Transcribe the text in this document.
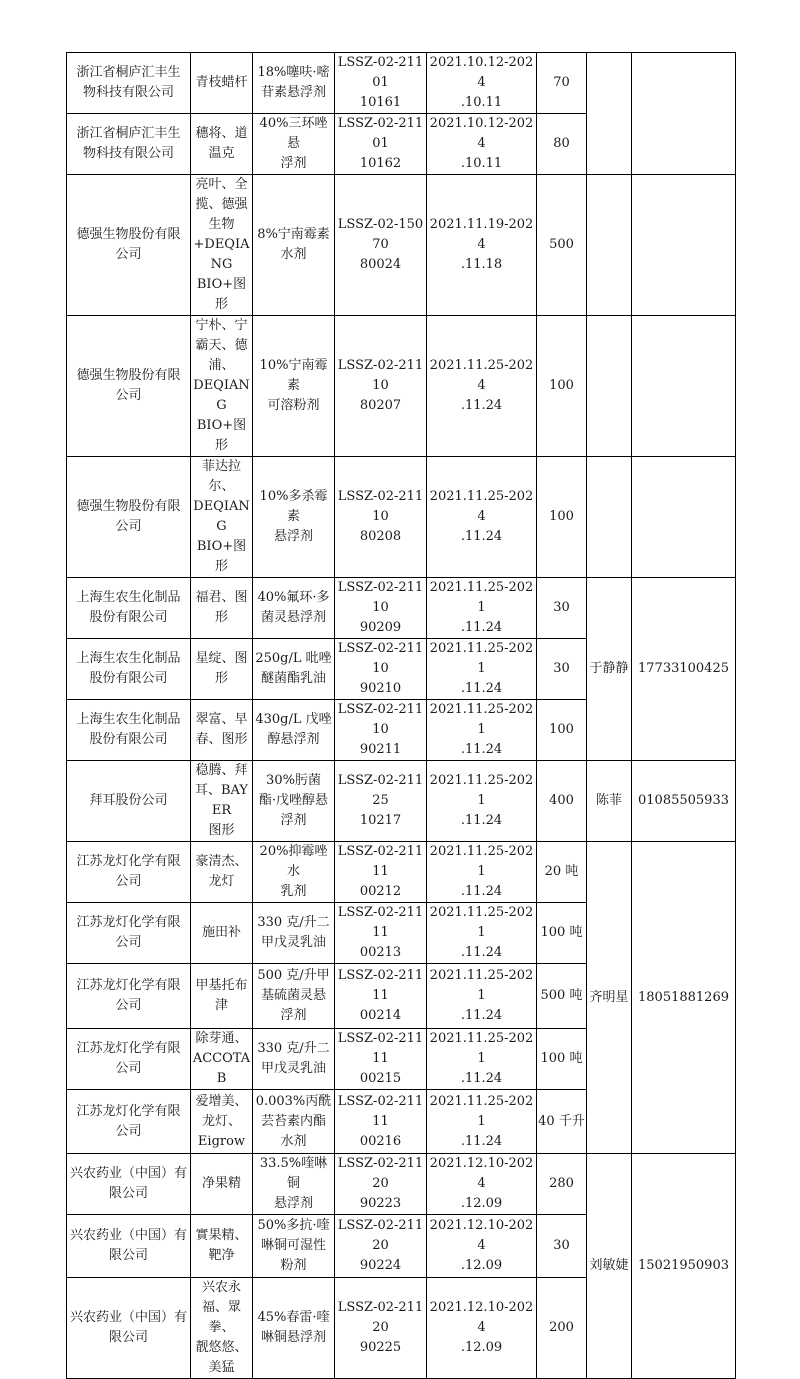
浙江省桐庐汇丰生
物科技有限公司	青枝蜡杆	18%噻呋·嘧
苷素悬浮剂	LSSZ-02-21101
10161	2021.10.12-2024
.10.11	70		

浙江省桐庐汇丰生
物科技有限公司	穗将、道
温克	40%三环唑悬
浮剂	LSSZ-02-21101
10162	2021.10.12-2024
.10.11	80		

德强生物股份有限
公司	亮叶、全
揽、德强
生物
+DEQIANG
BIO+图形	8%宁南霉素
水剂	LSSZ-02-15070
80024	2021.11.19-2024
.11.18	500		

德强生物股份有限
公司	宁朴、宁
霸天、德
浦、
DEQIANG
BIO+图形	10%宁南霉素
可溶粉剂	LSSZ-02-21110
80207	2021.11.25-2024
.11.24	100		

德强生物股份有限
公司	菲达拉
尔、
DEQIANG
BIO+图形	10%多杀霉素
悬浮剂	LSSZ-02-21110
80208	2021.11.25-2024
.11.24	100		

上海生农生化制品
股份有限公司	福君、图
形	40%氟环·多
菌灵悬浮剂	LSSZ-02-21110
90209	2021.11.25-2021
.11.24	30	于静静	17733100425

上海生农生化制品
股份有限公司	星绽、图
形	250g/L 吡唑
醚菌酯乳油	LSSZ-02-21110
90210	2021.11.25-2021
.11.24	30		

上海生农生化制品
股份有限公司	翠富、早
春、图形	430g/L 戊唑
醇悬浮剂	LSSZ-02-21110
90211	2021.11.25-2021
.11.24	100		

拜耳股份公司	稳腾、拜
耳、BAYER
图形	30%肟菌
酯·戊唑醇悬
浮剂	LSSZ-02-21125
10217	2021.11.25-2021
.11.24	400	陈菲	01085505933

江苏龙灯化学有限
公司	豪清杰、
龙灯	20%抑霉唑水
乳剂	LSSZ-02-21111
00212	2021.11.25-2021
.11.24	20 吨	齐明星	18051881269

江苏龙灯化学有限
公司	施田补	330 克/升二
甲戊灵乳油	LSSZ-02-21111
00213	2021.11.25-2021
.11.24	100 吨		

江苏龙灯化学有限
公司	甲基托布
津	500 克/升甲
基硫菌灵悬
浮剂	LSSZ-02-21111
00214	2021.11.25-2021
.11.24	500 吨		

江苏龙灯化学有限
公司	除芽通、
ACCOTAB	330 克/升二
甲戊灵乳油	LSSZ-02-21111
00215	2021.11.25-2021
.11.24	100 吨		

江苏龙灯化学有限
公司	爱增美、
龙灯、
Eigrow	0.003%丙酰
芸苔素内酯
水剂	LSSZ-02-21111
00216	2021.11.25-2021
.11.24	40 千升		

兴农药业（中国）有
限公司	净果精	33.5%喹啉铜
悬浮剂	LSSZ-02-21120
90223	2021.12.10-2024
.12.09	280	刘敏婕	15021950903

兴农药业（中国）有
限公司	實果精、
靶净	50%多抗·喹
啉铜可湿性
粉剂	LSSZ-02-21120
90224	2021.12.10-2024
.12.09	30		

兴农药业（中国）有
限公司	兴农永
福、眾拳、
靓悠悠、
美猛	45%春雷·喹
啉铜悬浮剂	LSSZ-02-21120
90225	2021.12.10-2024
.12.09	200		
